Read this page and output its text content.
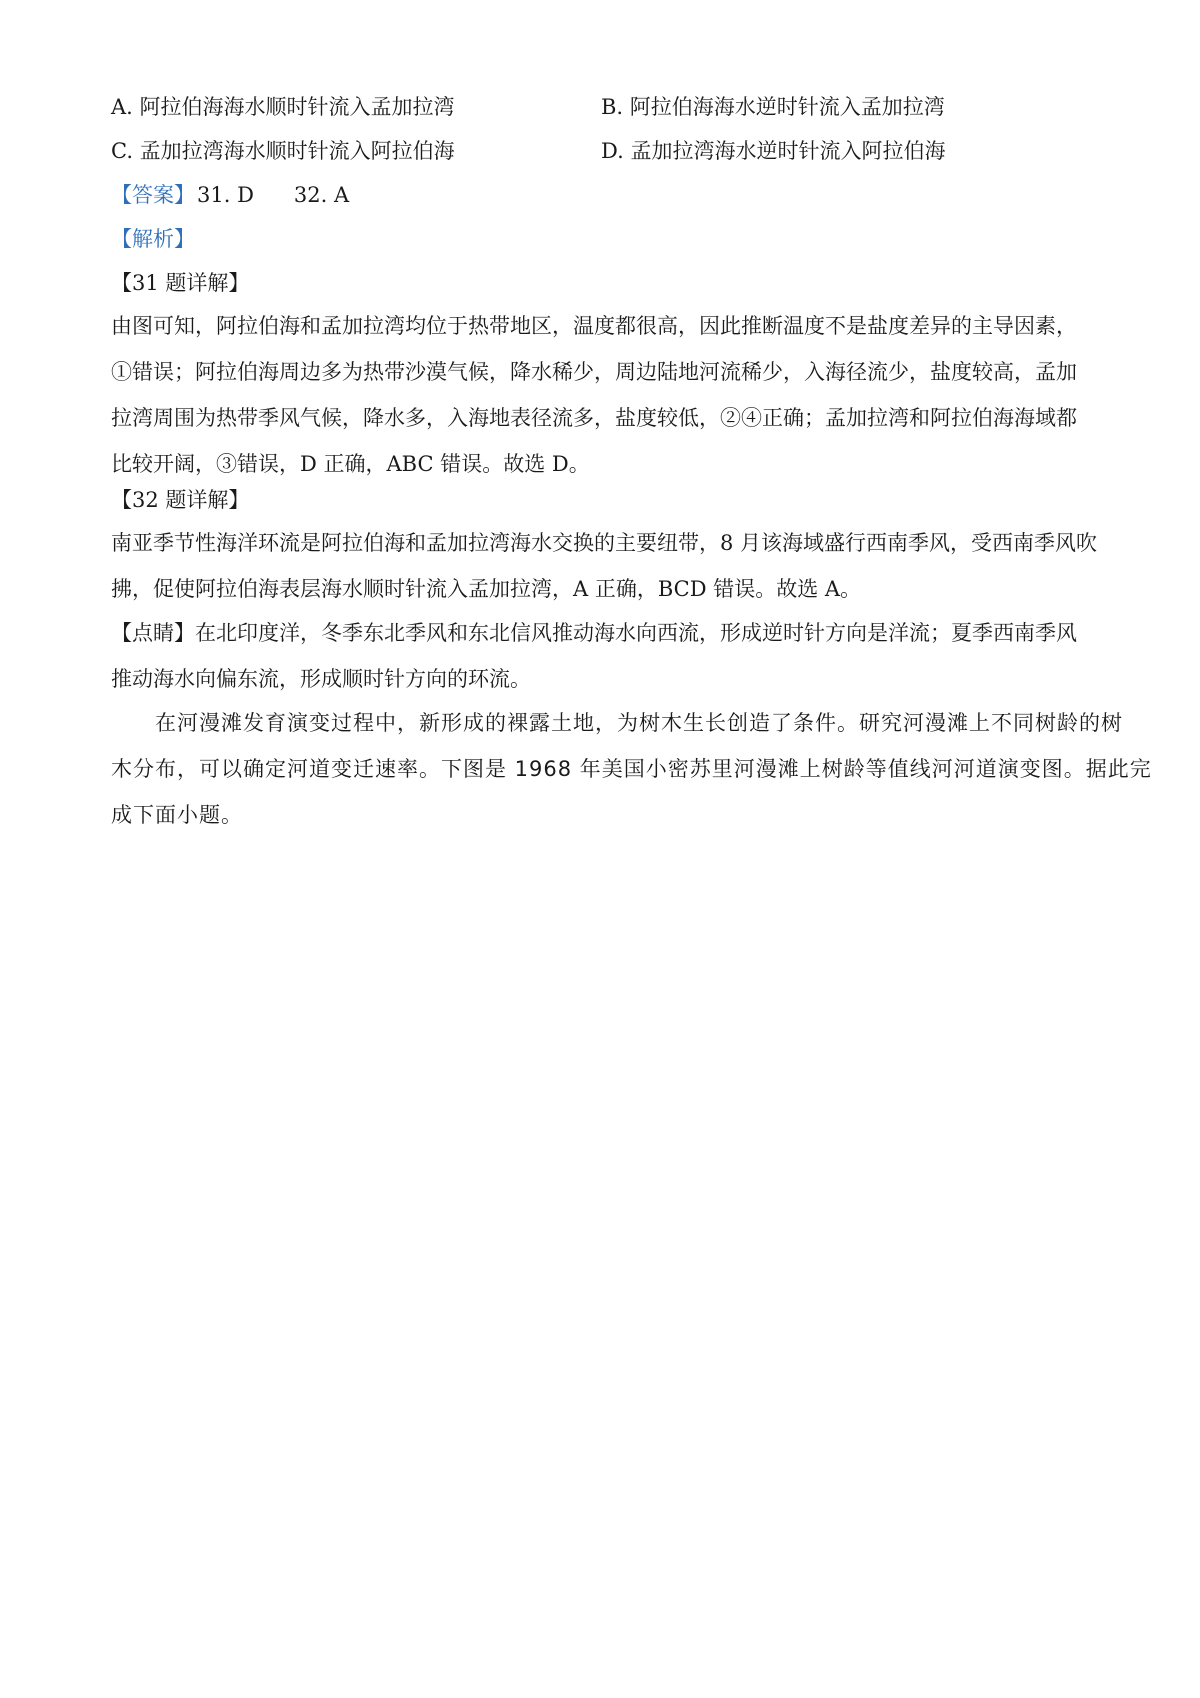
A. 阿拉伯海海水顺时针流入孟加拉湾	B. 阿拉伯海海水逆时针流入孟加拉湾
C. 孟加拉湾海水顺时针流入阿拉伯海	D. 孟加拉湾海水逆时针流入阿拉伯海
【答案】31. D 32. A
【解析】
【31 题详解】

由图可知，阿拉伯海和孟加拉湾均位于热带地区，温度都很高，因此推断温度不是盐度差异的主导因素，

①错误；阿拉伯海周边多为热带沙漠气候，降水稀少，周边陆地河流稀少，入海径流少，盐度较高，孟加

拉湾周围为热带季风气候，降水多，入海地表径流多，盐度较低，②④正确；孟加拉湾和阿拉伯海海域都

比较开阔，③错误，D 正确，ABC 错误。故选 D。

【32 题详解】

南亚季节性海洋环流是阿拉伯海和孟加拉湾海水交换的主要纽带，8 月该海域盛行西南季风，受西南季风吹

拂，促使阿拉伯海表层海水顺时针流入孟加拉湾，A 正确，BCD 错误。故选 A。

【点睛】在北印度洋，冬季东北季风和东北信风推动海水向西流，形成逆时针方向是洋流；夏季西南季风

推动海水向偏东流，形成顺时针方向的环流。

在河漫滩发育演变过程中，新形成的裸露土地，为树木生长创造了条件。研究河漫滩上不同树龄的树

木分布，可以确定河道变迁速率。下图是 1968 年美国小密苏里河漫滩上树龄等值线河河道演变图。据此完

成下面小题。
